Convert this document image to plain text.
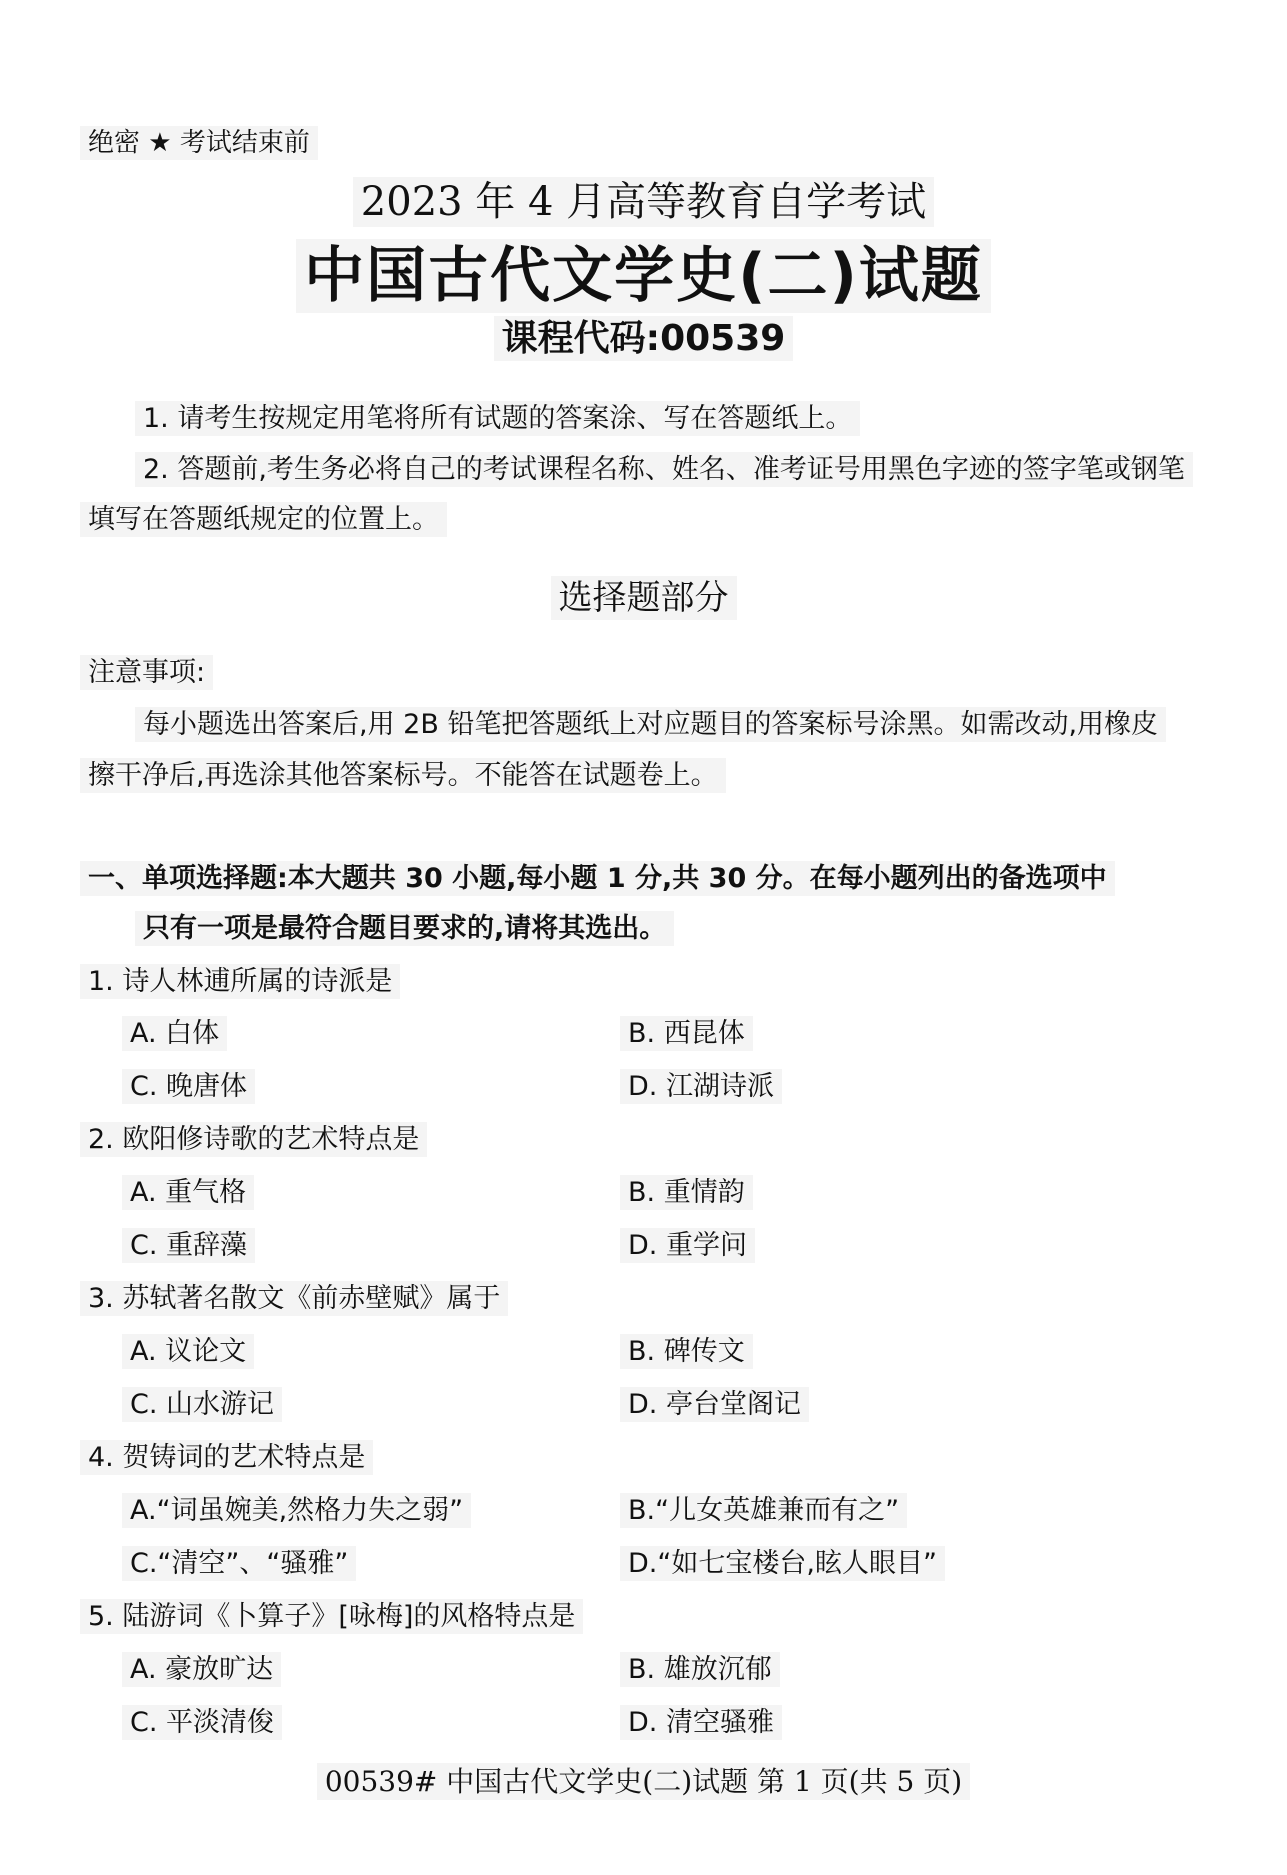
绝密 ★ 考试结束前
2023 年 4 月高等教育自学考试
中国古代文学史(二)试题
课程代码:00539
1. 请考生按规定用笔将所有试题的答案涂、写在答题纸上。
2. 答题前,考生务必将自己的考试课程名称、姓名、准考证号用黑色字迹的签字笔或钢笔
填写在答题纸规定的位置上。
选择题部分
注意事项:
每小题选出答案后,用 2B 铅笔把答题纸上对应题目的答案标号涂黑。如需改动,用橡皮
擦干净后,再选涂其他答案标号。不能答在试题卷上。
一、单项选择题:本大题共 30 小题,每小题 1 分,共 30 分。在每小题列出的备选项中
只有一项是最符合题目要求的,请将其选出。
1. 诗人林逋所属的诗派是
A. 白体	B. 西昆体
C. 晚唐体	D. 江湖诗派
2. 欧阳修诗歌的艺术特点是
A. 重气格	B. 重情韵
C. 重辞藻	D. 重学问
3. 苏轼著名散文《前赤壁赋》属于
A. 议论文	B. 碑传文
C. 山水游记	D. 亭台堂阁记
4. 贺铸词的艺术特点是
A.“词虽婉美,然格力失之弱”	B.“儿女英雄兼而有之”
C.“清空”、“骚雅”	D.“如七宝楼台,眩人眼目”
5. 陆游词《卜算子》[咏梅]的风格特点是
A. 豪放旷达	B. 雄放沉郁
C. 平淡清俊	D. 清空骚雅
00539# 中国古代文学史(二)试题 第 1 页(共 5 页)
